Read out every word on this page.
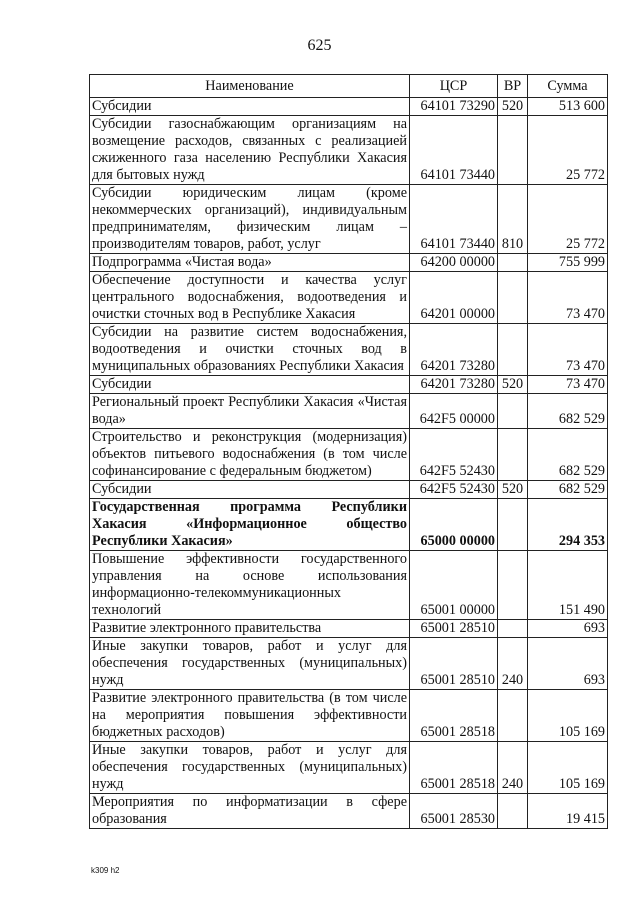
625
Наименование	ЦСР	ВР	Сумма
Субсидии	64101 73290	520	513 600
Субсидии газоснабжающим организациям на возмещение расходов, связанных с реализацией сжиженного газа населению Республики Хакасия для бытовых нужд	64101 73440		25 772
Субсидии юридическим лицам (кроме некоммерческих организаций), индивидуальным предпринимателям, физическим лицам – производителям товаров, работ, услуг	64101 73440	810	25 772
Подпрограмма «Чистая вода»	64200 00000		755 999
Обеспечение доступности и качества услуг центрального водоснабжения, водоотведения и очистки сточных вод в Республике Хакасия	64201 00000		73 470
Субсидии на развитие систем водоснабжения, водоотведения и очистки сточных вод в муниципальных образованиях Республики Хакасия	64201 73280		73 470
Субсидии	64201 73280	520	73 470
Региональный проект Республики Хакасия «Чистая вода»	642F5 00000		682 529
Строительство и реконструкция (модернизация) объектов питьевого водоснабжения (в том числе софинансирование с федеральным бюджетом)	642F5 52430		682 529
Субсидии	642F5 52430	520	682 529
Государственная программа Республики Хакасия «Информационное общество Республики Хакасия»	65000 00000		294 353
Повышение эффективности государственного управления на основе использования информационно-телекоммуникационных технологий	65001 00000		151 490
Развитие электронного правительства	65001 28510		693
Иные закупки товаров, работ и услуг для обеспечения государственных (муниципальных) нужд	65001 28510	240	693
Развитие электронного правительства (в том числе на мероприятия повышения эффективности бюджетных расходов)	65001 28518		105 169
Иные закупки товаров, работ и услуг для обеспечения государственных (муниципальных) нужд	65001 28518	240	105 169
Мероприятия по информатизации в сфере образования	65001 28530		19 415
k309 h2
